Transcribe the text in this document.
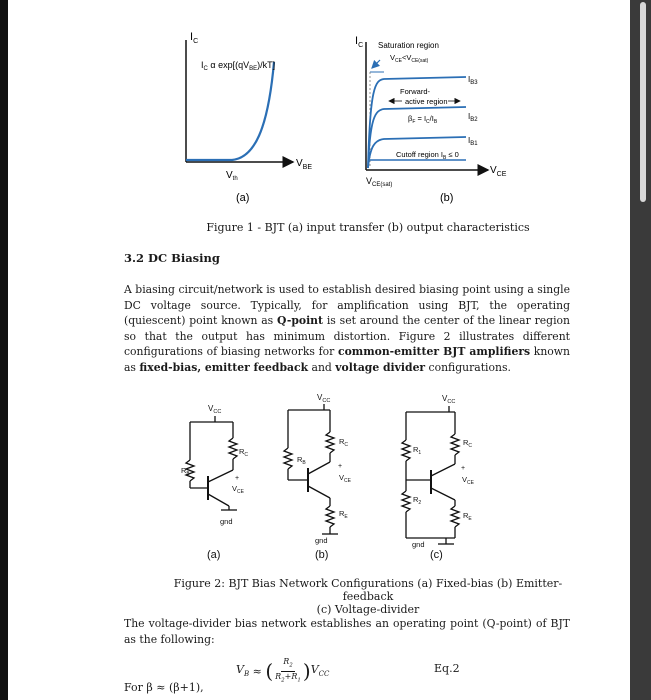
$I_C$
$I_C$ α $\exp[(qV_{BE})/kT]$
$V_{BE}$
$V_{th}$
(a)
$I_C$ Saturation region
$V_{CE}<V_{CE(sat)}$
$I_{B3}$
$I_{B2}$
$I_{B1}$
Forward-
active region
$\beta_F = I_C/I_B$
Cutoff region $I_B \le 0$
$V_{CE}$
$V_{CE(sat)}$
(b)
Figure 1 - BJT (a) input transfer (b) output characteristics
3.2 DC Biasing
A biasing circuit/network is used to establish desired biasing point using a single DC voltage source. Typically, for amplification using BJT, the operating (quiescent) point known as Q-point is set around the center of the linear region so that the output has minimum distortion. Figure 2 illustrates different configurations of biasing networks for common-emitter BJT amplifiers known as fixed-bias, emitter feedback and voltage divider configurations.
$V_{CC}$
$R_B$
$R_C$
+
$V_{CE}$
gnd
(a)
$V_{CC}$
$R_B$
$R_C$
+
$V_{CE}$
$R_E$
gnd
(b)
$V_{CC}$
$R_1$
$R_2$
$R_C$
+
$V_{CE}$
$R_E$
gnd
(c)
Figure 2: BJT Bias Network Configurations (a) Fixed-bias (b) Emitter-feedback
(c) Voltage-divider
The voltage-divider bias network establishes an operating point (Q-point) of BJT as the following:
$V_B$ ≈ ( $\frac{R_2}{R_2+R_1}$ ) $V_{CC}$	Eq.2
For β ≈ (β+1),
